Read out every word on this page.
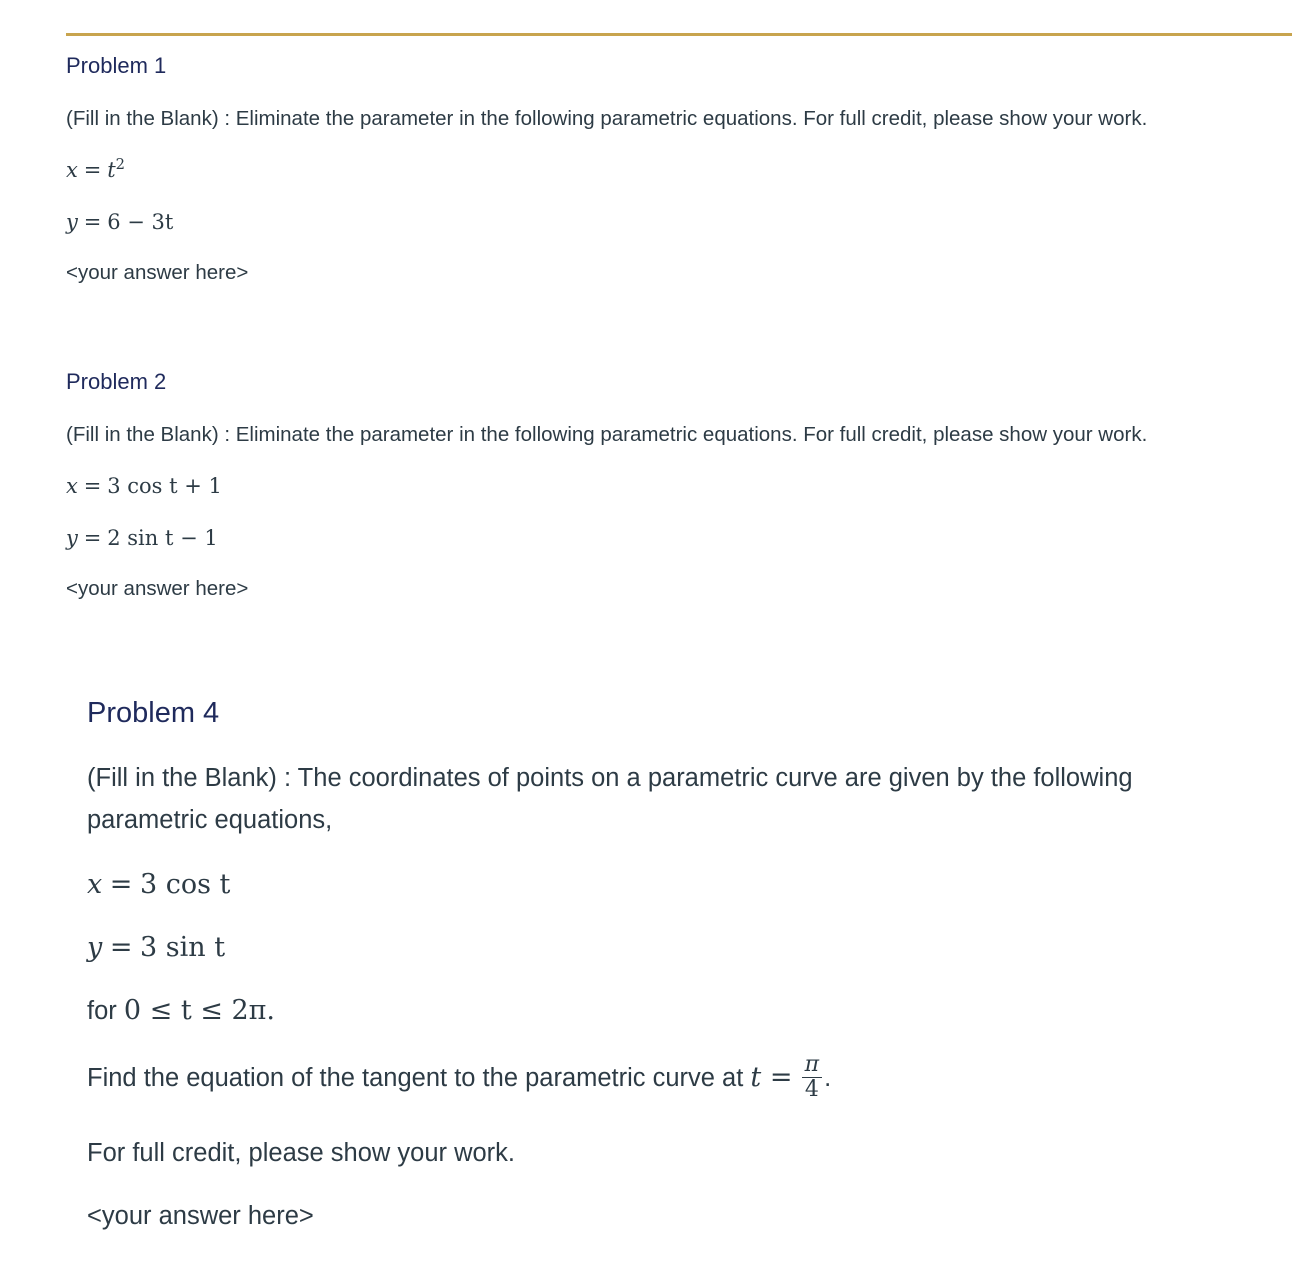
Problem 1

(Fill in the Blank) : Eliminate the parameter in the following parametric equations. For full credit, please show your work.

$x = t^2$

y = 6 − 3t

<your answer here>

Problem 2

(Fill in the Blank) : Eliminate the parameter in the following parametric equations. For full credit, please show your work.

x = 3 cos t + 1

y = 2 sin t − 1

<your answer here>

Problem 4

(Fill in the Blank) : The coordinates of points on a parametric curve are given by the following parametric equations,

x = 3 cos t

y = 3 sin t

for 0 ≤ t ≤ 2π.

Find the equation of the tangent to the parametric curve at $t = \frac{\pi}{4}$ .

For full credit, please show your work.

<your answer here>
